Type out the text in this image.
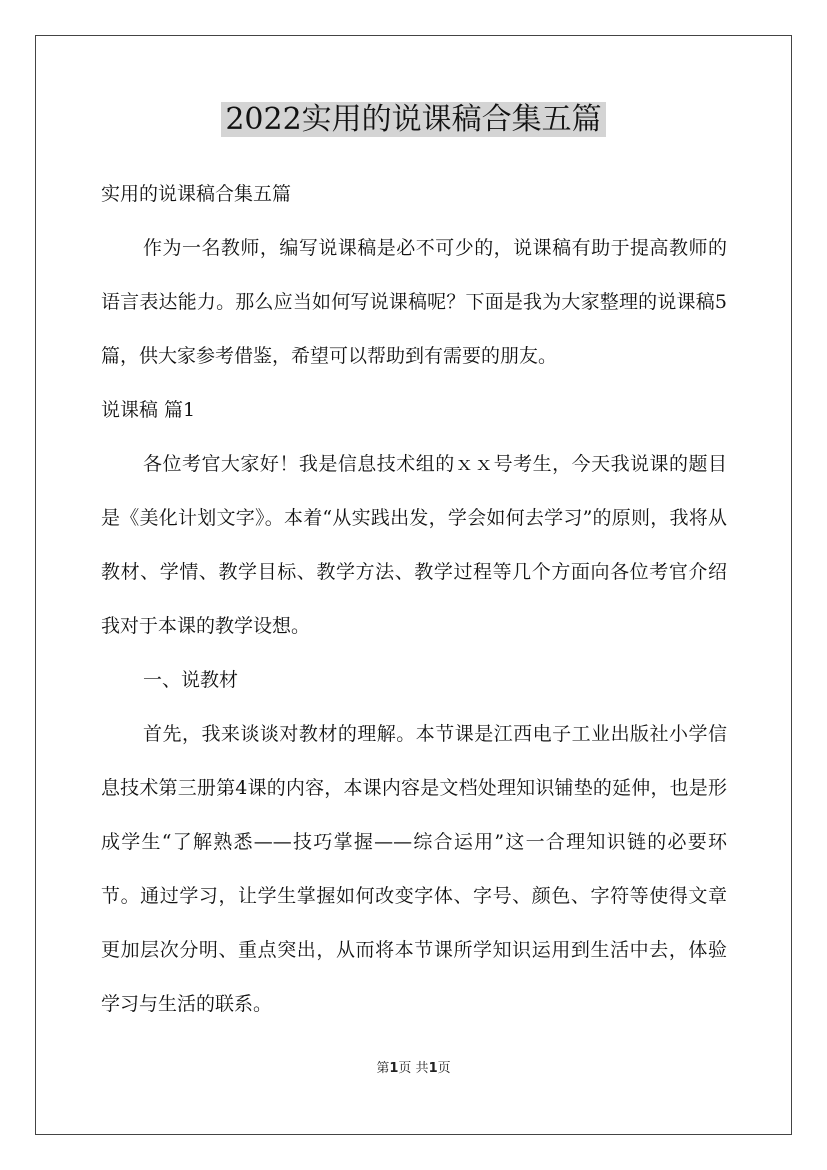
2022实用的说课稿合集五篇

实用的说课稿合集五篇

作为一名教师，编写说课稿是必不可少的，说课稿有助于提高教师的语言表达能力。那么应当如何写说课稿呢？下面是我为大家整理的说课稿5篇，供大家参考借鉴，希望可以帮助到有需要的朋友。

说课稿 篇1

各位考官大家好！我是信息技术组的ｘｘ号考生，今天我说课的题目是《美化计划文字》。本着“从实践出发，学会如何去学习”的原则，我将从教材、学情、教学目标、教学方法、教学过程等几个方面向各位考官介绍我对于本课的教学设想。

一、说教材

首先，我来谈谈对教材的理解。本节课是江西电子工业出版社小学信息技术第三册第4课的内容，本课内容是文档处理知识铺垫的延伸，也是形成学生“了解熟悉——技巧掌握——综合运用”这一合理知识链的必要环节。通过学习，让学生掌握如何改变字体、字号、颜色、字符等使得文章更加层次分明、重点突出，从而将本节课所学知识运用到生活中去，体验学习与生活的联系。

第1页 共1页
